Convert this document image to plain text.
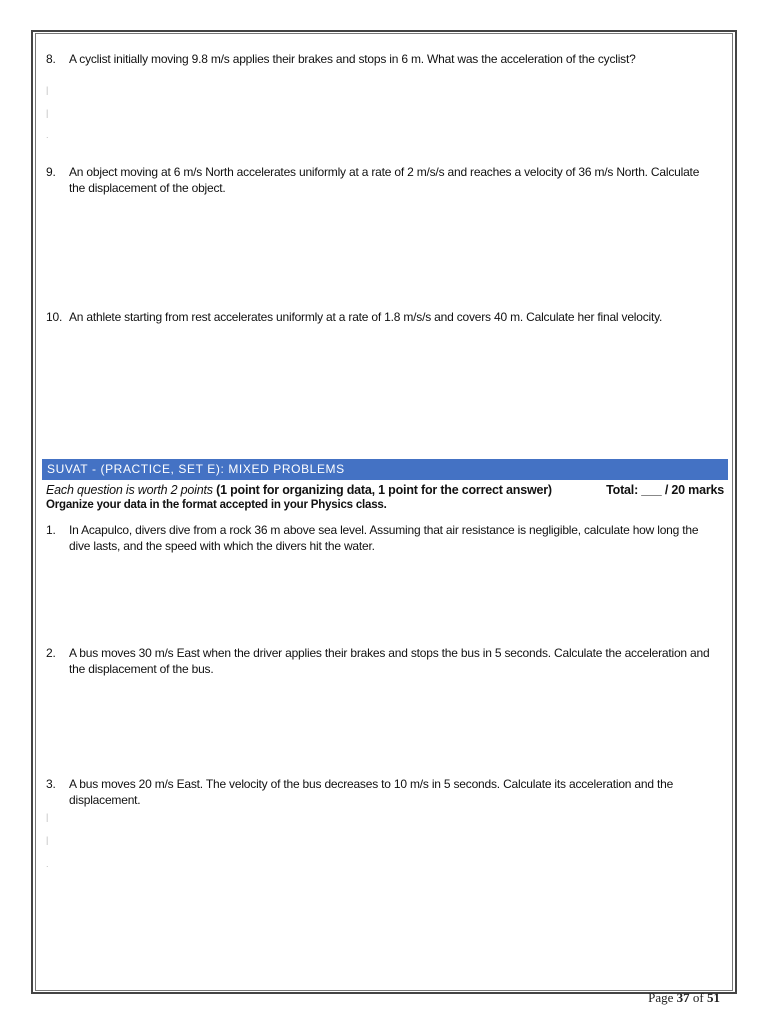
8. A cyclist initially moving 9.8 m/s applies their brakes and stops in 6 m. What was the acceleration of the cyclist?
|
|
.
9. An object moving at 6 m/s North accelerates uniformly at a rate of 2 m/s/s and reaches a velocity of 36 m/s North. Calculate the displacement of the object.
10. An athlete starting from rest accelerates uniformly at a rate of 1.8 m/s/s and covers 40 m. Calculate her final velocity.
SUVAT - (PRACTICE, SET E): MIXED PROBLEMS
Each question is worth 2 points (1 point for organizing data, 1 point for the correct answer)	Total: ___ / 20 marks
Organize your data in the format accepted in your Physics class.
1. In Acapulco, divers dive from a rock 36 m above sea level. Assuming that air resistance is negligible, calculate how long the dive lasts, and the speed with which the divers hit the water.
2. A bus moves 30 m/s East when the driver applies their brakes and stops the bus in 5 seconds. Calculate the acceleration and the displacement of the bus.
3. A bus moves 20 m/s East. The velocity of the bus decreases to 10 m/s in 5 seconds. Calculate its acceleration and the displacement.
|
|
.
Page 37 of 51
